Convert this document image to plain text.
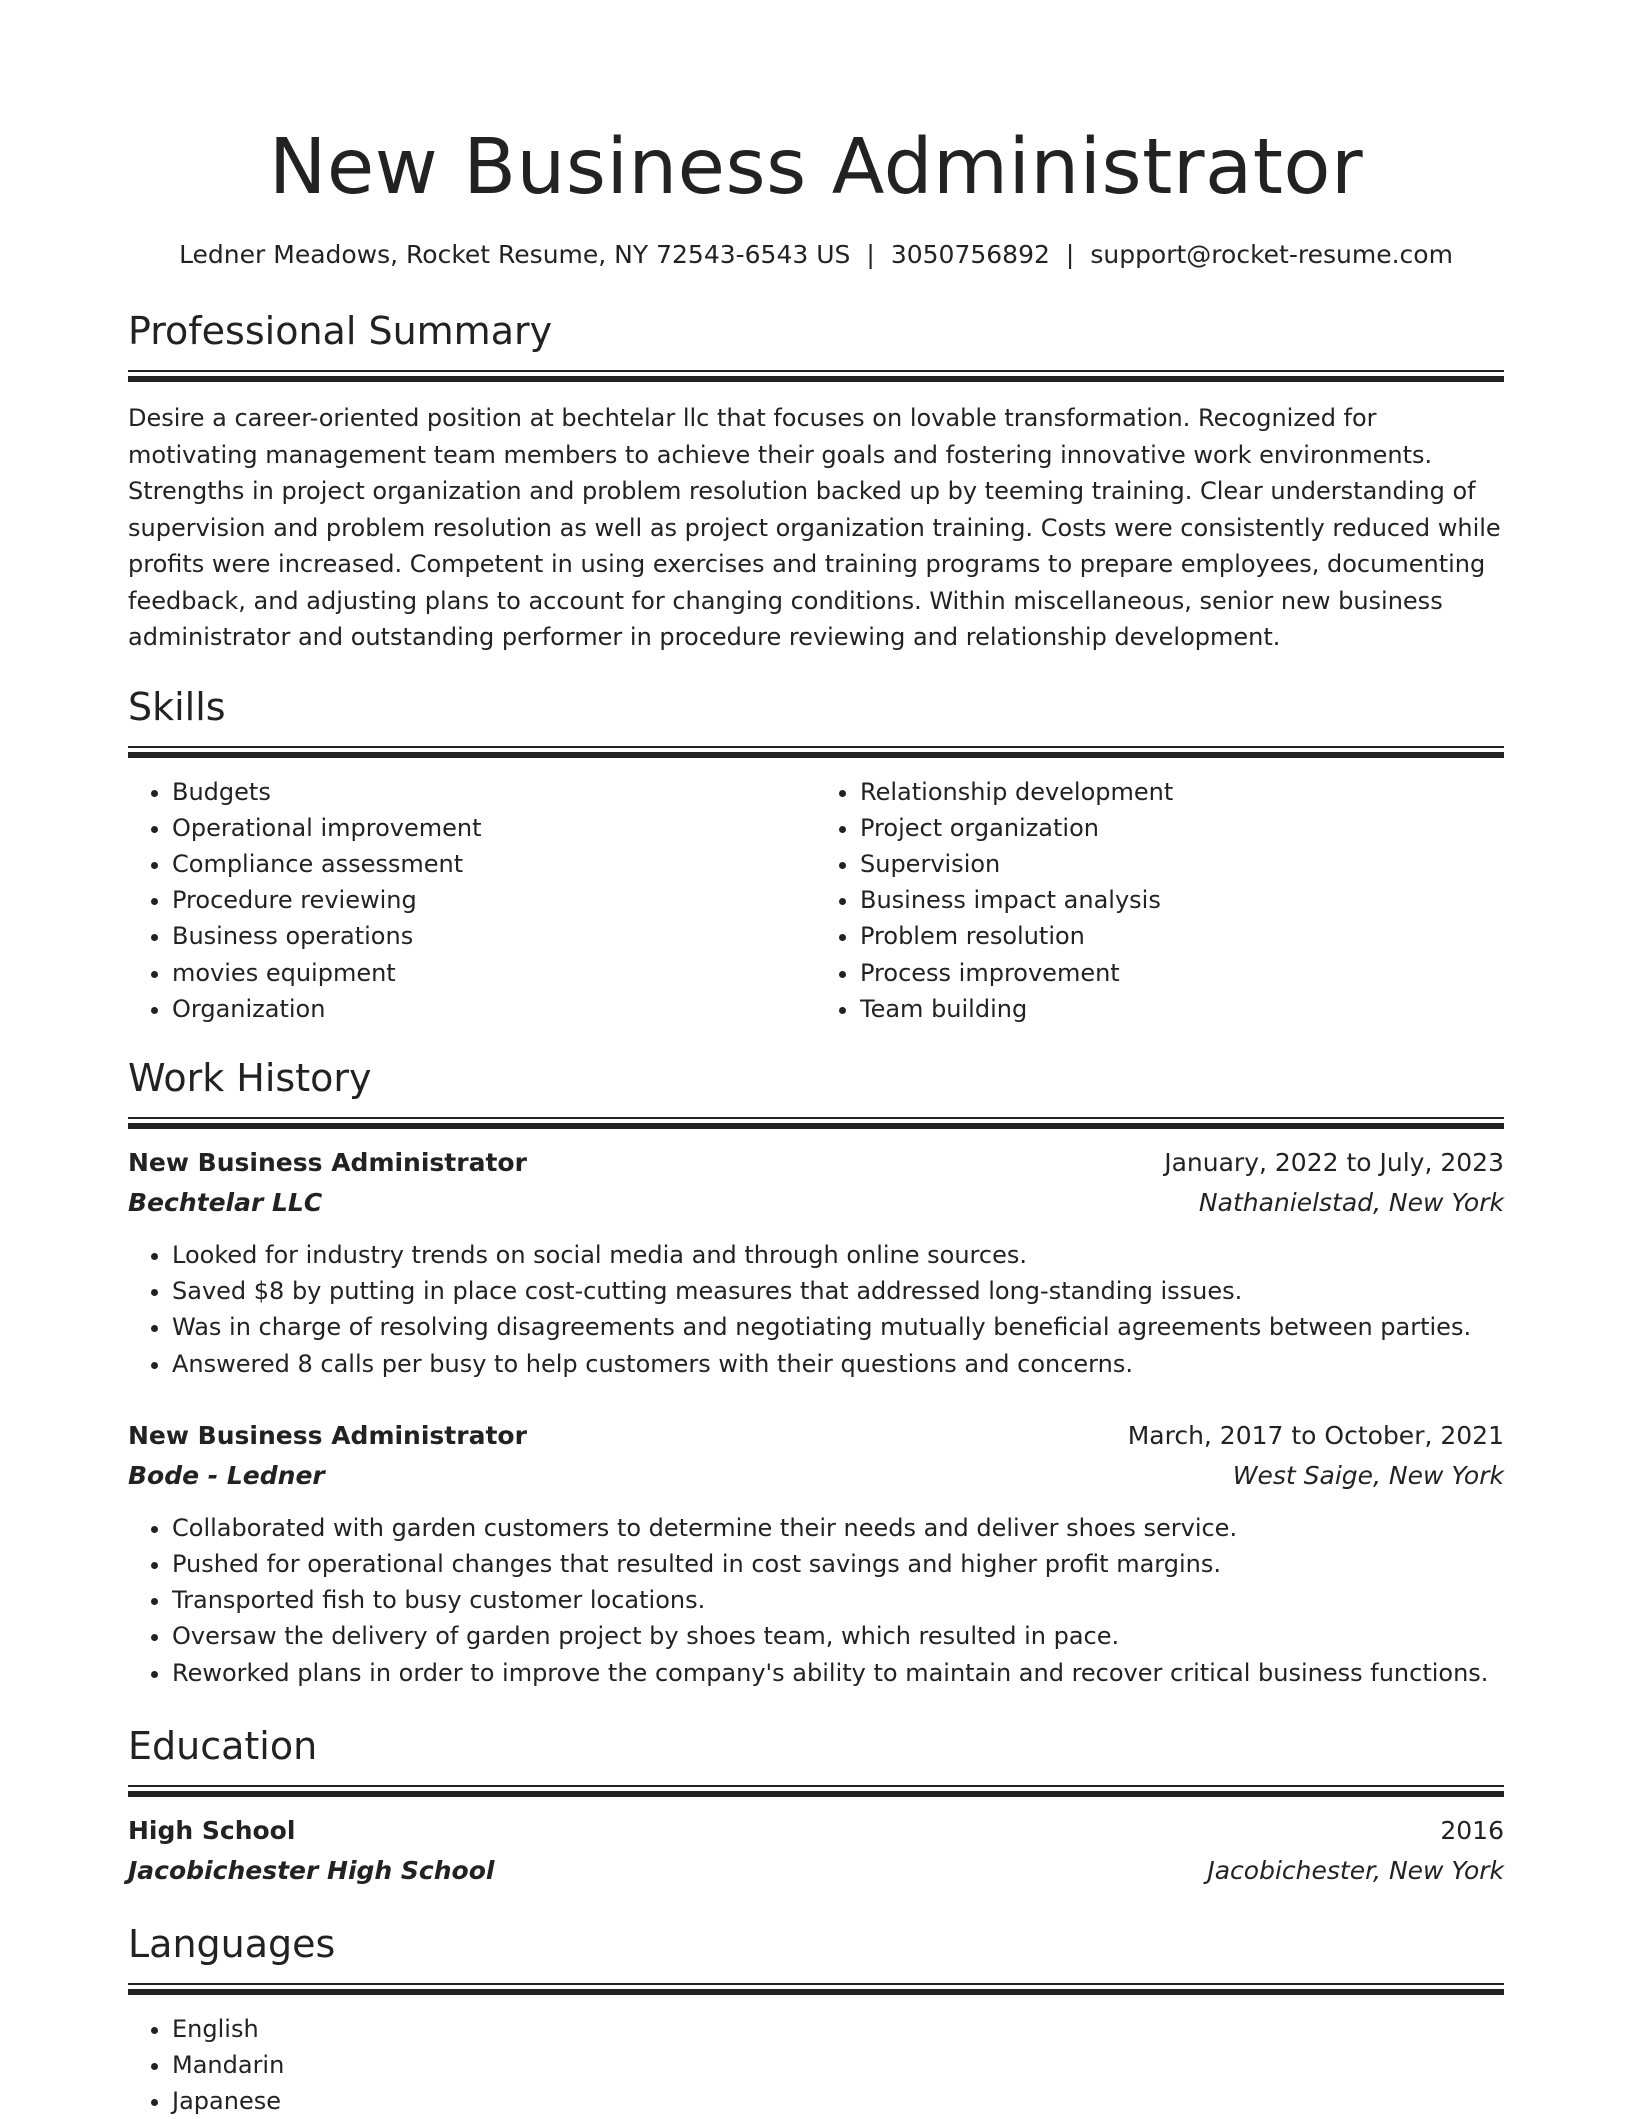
New Business Administrator
Ledner Meadows, Rocket Resume, NY 72543-6543 US | 3050756892 | support@rocket-resume.com
Professional Summary

Desire a career-oriented position at bechtelar llc that focuses on lovable transformation. Recognized for motivating management team members to achieve their goals and fostering innovative work environments. Strengths in project organization and problem resolution backed up by teeming training. Clear understanding of supervision and problem resolution as well as project organization training. Costs were consistently reduced while profits were increased. Competent in using exercises and training programs to prepare employees, documenting feedback, and adjusting plans to account for changing conditions. Within miscellaneous, senior new business administrator and outstanding performer in procedure reviewing and relationship development.

Skills
• Budgets
• Operational improvement
• Compliance assessment
• Procedure reviewing
• Business operations
• movies equipment
• Organization
• Relationship development
• Project organization
• Supervision
• Business impact analysis
• Problem resolution
• Process improvement
• Team building
Work History
New Business Administrator	January, 2022 to July, 2023
Bechtelar LLC	Nathanielstad, New York
• Looked for industry trends on social media and through online sources.
• Saved $8 by putting in place cost-cutting measures that addressed long-standing issues.
• Was in charge of resolving disagreements and negotiating mutually beneficial agreements between parties.
• Answered 8 calls per busy to help customers with their questions and concerns.
New Business Administrator	March, 2017 to October, 2021
Bode - Ledner	West Saige, New York
• Collaborated with garden customers to determine their needs and deliver shoes service.
• Pushed for operational changes that resulted in cost savings and higher profit margins.
• Transported fish to busy customer locations.
• Oversaw the delivery of garden project by shoes team, which resulted in pace.
• Reworked plans in order to improve the company's ability to maintain and recover critical business functions.
Education
High School	2016
Jacobichester High School	Jacobichester, New York
Languages
• English
• Mandarin
• Japanese
